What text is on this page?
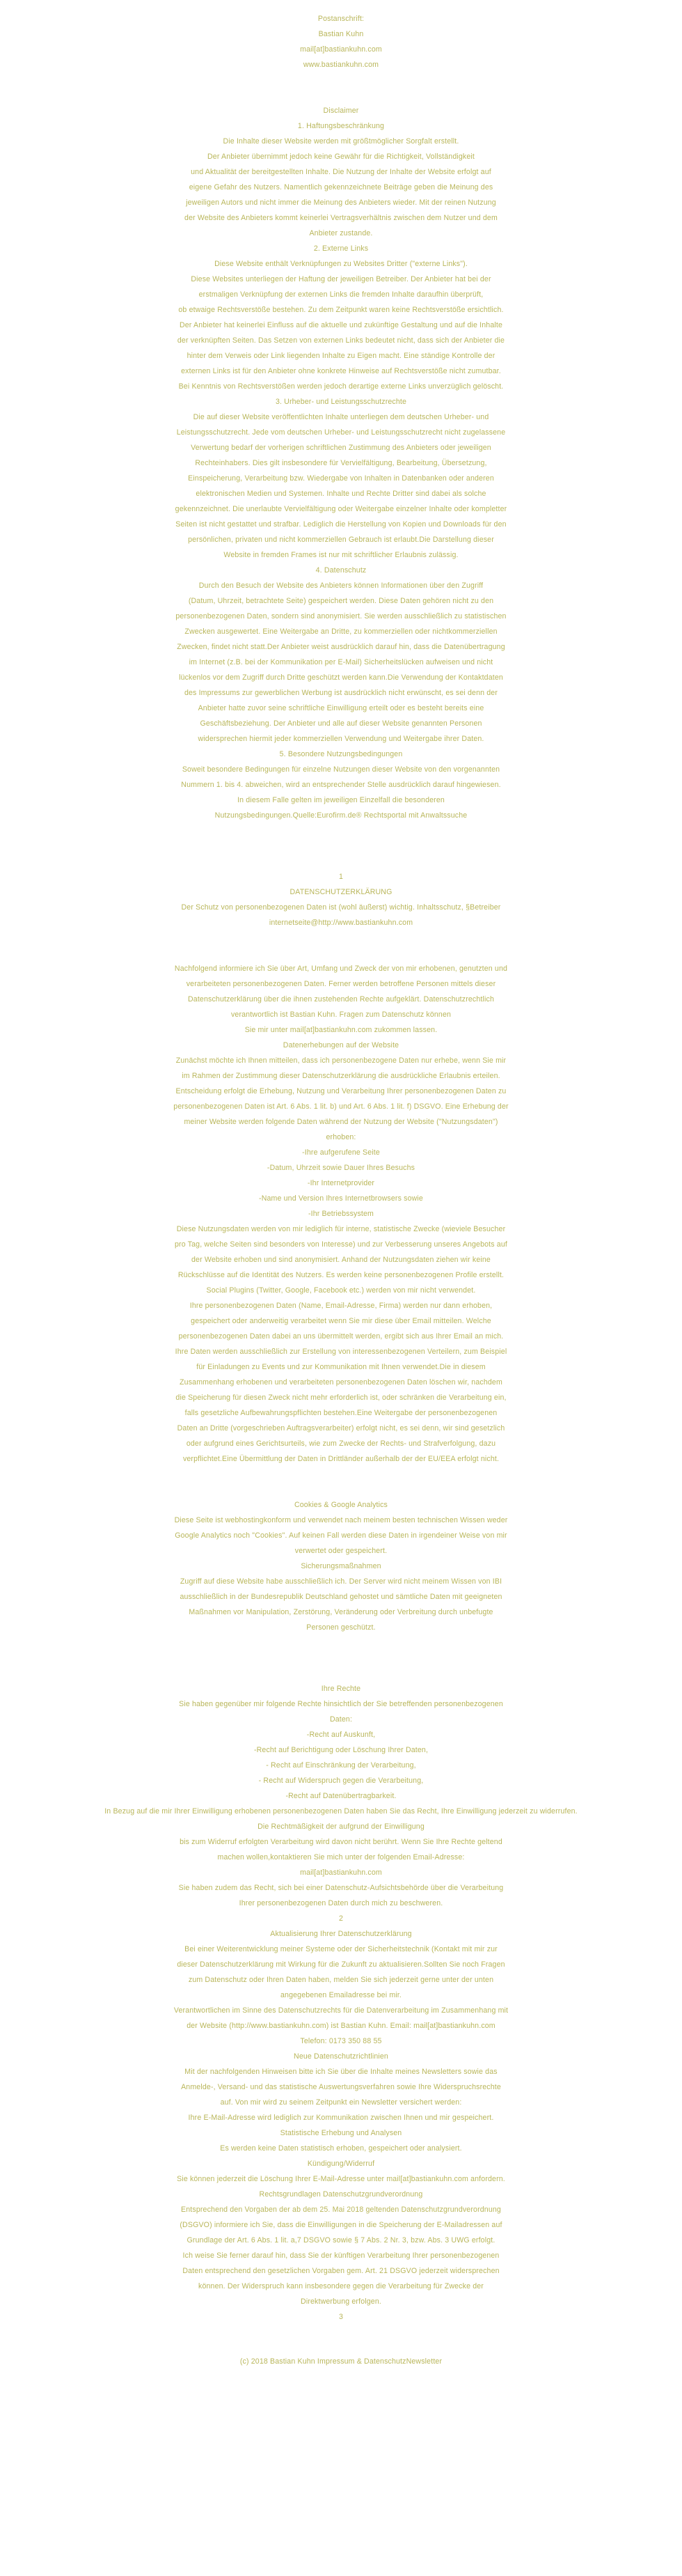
Postanschrift:
Bastian Kuhn
mail[at]bastiankuhn.com
www.bastiankuhn.com
Disclaimer
1. Haftungsbeschränkung
Die Inhalte dieser Website werden mit größtmöglicher Sorgfalt erstellt.
Der Anbieter übernimmt jedoch keine Gewähr für die Richtigkeit, Vollständigkeit
und Aktualität der bereitgestellten Inhalte. Die Nutzung der Inhalte der Website erfolgt auf
eigene Gefahr des Nutzers. Namentlich gekennzeichnete Beiträge geben die Meinung des
jeweiligen Autors und nicht immer die Meinung des Anbieters wieder. Mit der reinen Nutzung
der Website des Anbieters kommt keinerlei Vertragsverhältnis zwischen dem Nutzer und dem
Anbieter zustande.
2. Externe Links
Diese Website enthält Verknüpfungen zu Websites Dritter ("externe Links").
Diese Websites unterliegen der Haftung der jeweiligen Betreiber. Der Anbieter hat bei der
erstmaligen Verknüpfung der externen Links die fremden Inhalte daraufhin überprüft,
ob etwaige Rechtsverstöße bestehen. Zu dem Zeitpunkt waren keine Rechtsverstöße ersichtlich.
Der Anbieter hat keinerlei Einfluss auf die aktuelle und zukünftige Gestaltung und auf die Inhalte
der verknüpften Seiten. Das Setzen von externen Links bedeutet nicht, dass sich der Anbieter die
hinter dem Verweis oder Link liegenden Inhalte zu Eigen macht. Eine ständige Kontrolle der
externen Links ist für den Anbieter ohne konkrete Hinweise auf Rechtsverstöße nicht zumutbar.
Bei Kenntnis von Rechtsverstößen werden jedoch derartige externe Links unverzüglich gelöscht.
3. Urheber- und Leistungsschutzrechte
Die auf dieser Website veröffentlichten Inhalte unterliegen dem deutschen Urheber- und
Leistungsschutzrecht. Jede vom deutschen Urheber- und Leistungsschutzrecht nicht zugelassene
Verwertung bedarf der vorherigen schriftlichen Zustimmung des Anbieters oder jeweiligen
Rechteinhabers. Dies gilt insbesondere für Vervielfältigung, Bearbeitung, Übersetzung,
Einspeicherung, Verarbeitung bzw. Wiedergabe von Inhalten in Datenbanken oder anderen
elektronischen Medien und Systemen. Inhalte und Rechte Dritter sind dabei als solche
gekennzeichnet. Die unerlaubte Vervielfältigung oder Weitergabe einzelner Inhalte oder kompletter
Seiten ist nicht gestattet und strafbar. Lediglich die Herstellung von Kopien und Downloads für den
persönlichen, privaten und nicht kommerziellen Gebrauch ist erlaubt.Die Darstellung dieser
Website in fremden Frames ist nur mit schriftlicher Erlaubnis zulässig.
4. Datenschutz
Durch den Besuch der Website des Anbieters können Informationen über den Zugriff
(Datum, Uhrzeit, betrachtete Seite) gespeichert werden. Diese Daten gehören nicht zu den
personenbezogenen Daten, sondern sind anonymisiert. Sie werden ausschließlich zu statistischen
Zwecken ausgewertet. Eine Weitergabe an Dritte, zu kommerziellen oder nichtkommerziellen
Zwecken, findet nicht statt.Der Anbieter weist ausdrücklich darauf hin, dass die Datenübertragung
im Internet (z.B. bei der Kommunikation per E-Mail) Sicherheitslücken aufweisen und nicht
lückenlos vor dem Zugriff durch Dritte geschützt werden kann.Die Verwendung der Kontaktdaten
des Impressums zur gewerblichen Werbung ist ausdrücklich nicht erwünscht, es sei denn der
Anbieter hatte zuvor seine schriftliche Einwilligung erteilt oder es besteht bereits eine
Geschäftsbeziehung. Der Anbieter und alle auf dieser Website genannten Personen
widersprechen hiermit jeder kommerziellen Verwendung und Weitergabe ihrer Daten.
5. Besondere Nutzungsbedingungen
Soweit besondere Bedingungen für einzelne Nutzungen dieser Website von den vorgenannten
Nummern 1. bis 4. abweichen, wird an entsprechender Stelle ausdrücklich darauf hingewiesen.
In diesem Falle gelten im jeweiligen Einzelfall die besonderen
Nutzungsbedingungen.Quelle:Eurofirm.de® Rechtsportal mit Anwaltssuche
1
DATENSCHUTZERKLÄRUNG
Der Schutz von personenbezogenen Daten ist (wohl äußerst) wichtig. Inhaltsschutz, §Betreiber
internetseite@http://www.bastiankuhn.com
Nachfolgend informiere ich Sie über Art, Umfang und Zweck der von mir erhobenen, genutzten und
verarbeiteten personenbezogenen Daten. Ferner werden betroffene Personen mittels dieser
Datenschutzerklärung über die ihnen zustehenden Rechte aufgeklärt. Datenschutzrechtlich
verantwortlich ist Bastian Kuhn. Fragen zum Datenschutz können
Sie mir unter mail[at]bastiankuhn.com zukommen lassen.
Datenerhebungen auf der Website
Zunächst möchte ich Ihnen mitteilen, dass ich personenbezogene Daten nur erhebe, wenn Sie mir
im Rahmen der Zustimmung dieser Datenschutzerklärung die ausdrückliche Erlaubnis erteilen.
Entscheidung erfolgt die Erhebung, Nutzung und Verarbeitung Ihrer personenbezogenen Daten zu
personenbezogenen Daten ist Art. 6 Abs. 1 lit. b) und Art. 6 Abs. 1 lit. f) DSGVO. Eine Erhebung der
meiner Website werden folgende Daten während der Nutzung der Website ("Nutzungsdaten")
erhoben:
-Ihre aufgerufene Seite
-Datum, Uhrzeit sowie Dauer Ihres Besuchs
-Ihr Internetprovider
-Name und Version Ihres Internetbrowsers sowie
-Ihr Betriebssystem
Diese Nutzungsdaten werden von mir lediglich für interne, statistische Zwecke (wieviele Besucher
pro Tag, welche Seiten sind besonders von Interesse) und zur Verbesserung unseres Angebots auf
der Website erhoben und sind anonymisiert. Anhand der Nutzungsdaten ziehen wir keine
Rückschlüsse auf die Identität des Nutzers. Es werden keine personenbezogenen Profile erstellt.
Social Plugins (Twitter, Google, Facebook etc.) werden von mir nicht verwendet.
Ihre personenbezogenen Daten (Name, Email-Adresse, Firma) werden nur dann erhoben,
gespeichert oder anderweitig verarbeitet wenn Sie mir diese über Email mitteilen. Welche
personenbezogenen Daten dabei an uns übermittelt werden, ergibt sich aus Ihrer Email an mich.
Ihre Daten werden ausschließlich zur Erstellung von interessenbezogenen Verteilern, zum Beispiel
für Einladungen zu Events und zur Kommunikation mit Ihnen verwendet.Die in diesem
Zusammenhang erhobenen und verarbeiteten personenbezogenen Daten löschen wir, nachdem
die Speicherung für diesen Zweck nicht mehr erforderlich ist, oder schränken die Verarbeitung ein,
falls gesetzliche Aufbewahrungspflichten bestehen.Eine Weitergabe der personenbezogenen
Daten an Dritte (vorgeschrieben Auftragsverarbeiter) erfolgt nicht, es sei denn, wir sind gesetzlich
oder aufgrund eines Gerichtsurteils, wie zum Zwecke der Rechts- und Strafverfolgung, dazu
verpflichtet.Eine Übermittlung der Daten in Drittländer außerhalb der der EU/EEA erfolgt nicht.
Cookies & Google Analytics
Diese Seite ist webhostingkonform und verwendet nach meinem besten technischen Wissen weder
Google Analytics noch "Cookies". Auf keinen Fall werden diese Daten in irgendeiner Weise von mir
verwertet oder gespeichert.
Sicherungsmaßnahmen
Zugriff auf diese Website habe ausschließlich ich. Der Server wird nicht meinem Wissen von IBI
ausschließlich in der Bundesrepublik Deutschland gehostet und sämtliche Daten mit geeigneten
Maßnahmen vor Manipulation, Zerstörung, Veränderung oder Verbreitung durch unbefugte
Personen geschützt.
Ihre Rechte
Sie haben gegenüber mir folgende Rechte hinsichtlich der Sie betreffenden personenbezogenen
Daten:
-Recht auf Auskunft,
-Recht auf Berichtigung oder Löschung Ihrer Daten,
- Recht auf Einschränkung der Verarbeitung,
- Recht auf Widerspruch gegen die Verarbeitung,
-Recht auf Datenübertragbarkeit.
In Bezug auf die mir Ihrer Einwilligung erhobenen personenbezogenen Daten haben Sie das Recht, Ihre Einwilligung jederzeit zu widerrufen.
Die Rechtmäßigkeit der aufgrund der Einwilligung
bis zum Widerruf erfolgten Verarbeitung wird davon nicht berührt. Wenn Sie Ihre Rechte geltend
machen wollen,kontaktieren Sie mich unter der folgenden Email-Adresse:
mail[at]bastiankuhn.com
Sie haben zudem das Recht, sich bei einer Datenschutz-Aufsichtsbehörde über die Verarbeitung
Ihrer personenbezogenen Daten durch mich zu beschweren.
2
Aktualisierung Ihrer Datenschutzerklärung
Bei einer Weiterentwicklung meiner Systeme oder der Sicherheitstechnik (Kontakt mit mir zur
dieser Datenschutzerklärung mit Wirkung für die Zukunft zu aktualisieren.Sollten Sie noch Fragen
zum Datenschutz oder Ihren Daten haben, melden Sie sich jederzeit gerne unter der unten
angegebenen Emailadresse bei mir.
Verantwortlichen im Sinne des Datenschutzrechts für die Datenverarbeitung im Zusammenhang mit
der Website (http://www.bastiankuhn.com) ist Bastian Kuhn. Email: mail[at]bastiankuhn.com
Telefon: 0173 350 88 55
Neue Datenschutzrichtlinien
Mit der nachfolgenden Hinweisen bitte ich Sie über die Inhalte meines Newsletters sowie das
Anmelde-, Versand- und das statistische Auswertungsverfahren sowie Ihre Widerspruchsrechte
auf. Von mir wird zu seinem Zeitpunkt ein Newsletter versichert werden:
Ihre E-Mail-Adresse wird lediglich zur Kommunikation zwischen Ihnen und mir gespeichert.
Statistische Erhebung und Analysen
Es werden keine Daten statistisch erhoben, gespeichert oder analysiert.
Kündigung/Widerruf
Sie können jederzeit die Löschung Ihrer E-Mail-Adresse unter mail[at]bastiankuhn.com anfordern.
Rechtsgrundlagen Datenschutzgrundverordnung
Entsprechend den Vorgaben der ab dem 25. Mai 2018 geltenden Datenschutzgrundverordnung
(DSGVO) informiere ich Sie, dass die Einwilligungen in die Speicherung der E-Mailadressen auf
Grundlage der Art. 6 Abs. 1 lit. a,7 DSGVO sowie § 7 Abs. 2 Nr. 3, bzw. Abs. 3 UWG erfolgt.
Ich weise Sie ferner darauf hin, dass Sie der künftigen Verarbeitung Ihrer personenbezogenen
Daten entsprechend den gesetzlichen Vorgaben gem. Art. 21 DSGVO jederzeit widersprechen
können. Der Widerspruch kann insbesondere gegen die Verarbeitung für Zwecke der
Direktwerbung erfolgen.
3
(c) 2018 Bastian Kuhn Impressum & DatenschutzNewsletter
